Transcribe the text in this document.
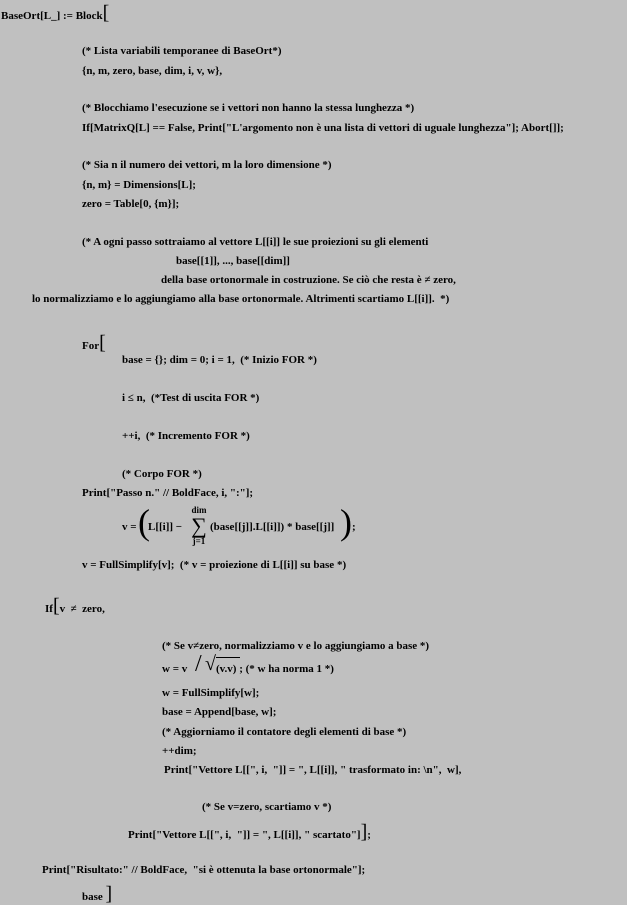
BaseOrt[L_] := Block[
(* Lista variabili temporanee di BaseOrt*)
{n, m, zero, base, dim, i, v, w},
(* Blocchiamo l'esecuzione se i vettori non hanno la stessa lunghezza *)
If[MatrixQ[L] == False, Print["L'argomento non è una lista di vettori di uguale lunghezza"]; Abort[]];
(* Sia n il numero dei vettori, m la loro dimensione *)
{n, m} = Dimensions[L];
zero = Table[0, {m}];
(* A ogni passo sottraiamo al vettore L[[i]] le sue proiezioni su gli elementi
base[[1]], ..., base[[dim]]
della base ortonormale in costruzione. Se ciò che resta è ≠ zero,
lo normalizziamo e lo aggiungiamo alla base ortonormale. Altrimenti scartiamo L[[i]].  *)
For[
base = {}; dim = 0; i = 1,  (* Inizio FOR *)
i ≤ n,  (*Test di uscita FOR *)
++i,  (* Incremento FOR *)
(* Corpo FOR *)
Print["Passo n." // BoldFace, i, ":"];
v = (
L[[i]] −
dim
∑
j=1
(base[[j]].L[[i]]) * base[[j]] ) ;
v = FullSimplify[v];  (* v = proiezione di L[[i]] su base *)
If[v  ≠  zero,
(* Se v≠zero, normalizziamo v e lo aggiungiamo a base *)
w = v / √ (v.v) ; (* w ha norma 1 *)
w = FullSimplify[w];
base = Append[base, w];
(* Aggiorniamo il contatore degli elementi di base *)
++dim;
Print["Vettore L[[", i,  "]] = ", L[[i]], " trasformato in: \n",  w],
(* Se v=zero, scartiamo v *)
Print["Vettore L[[", i,  "]] = ", L[[i]], " scartato"]];
Print["Risultato:" // BoldFace,  "si è ottenuta la base ortonormale"];
base ]
